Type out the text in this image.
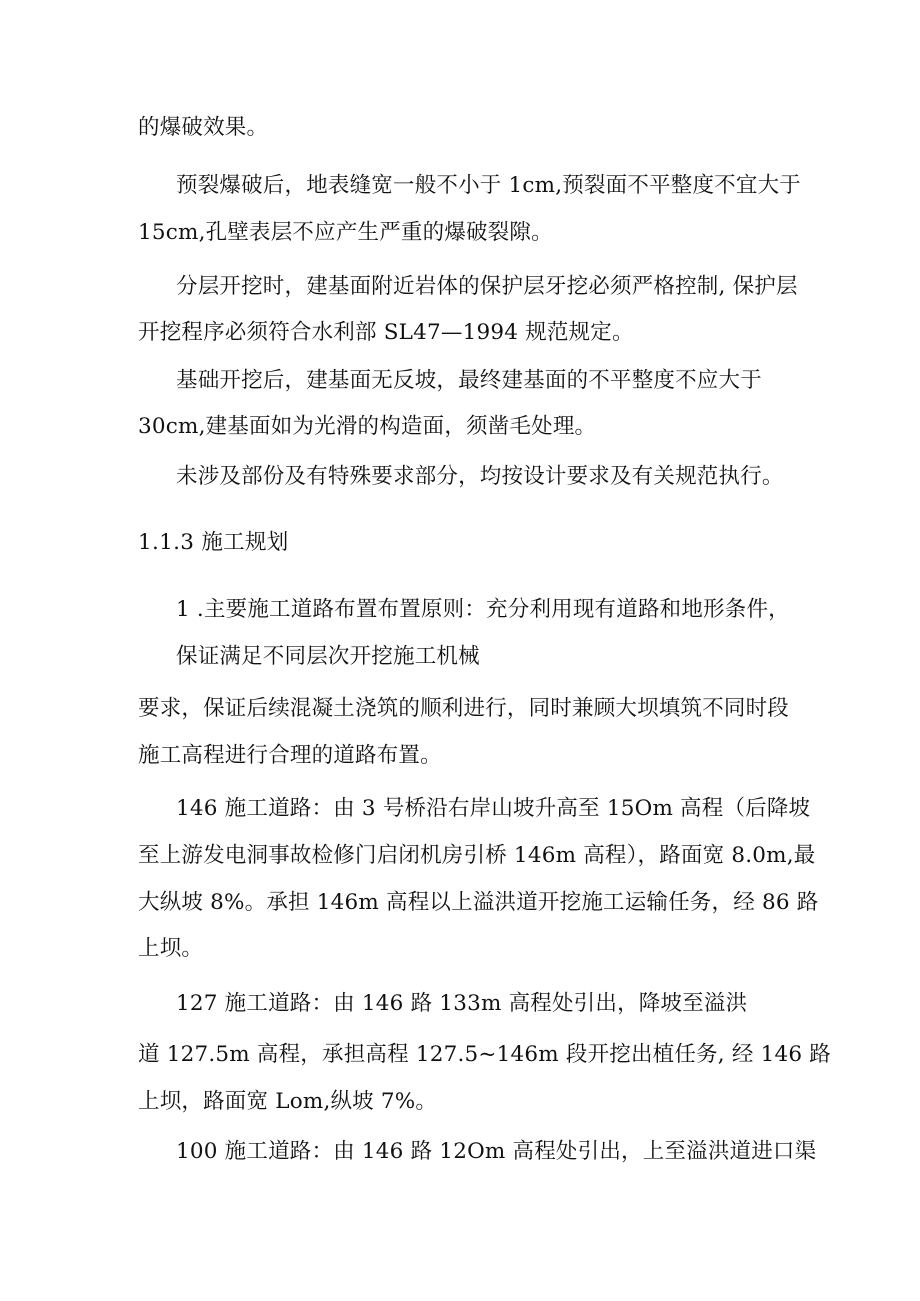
的爆破效果。

预裂爆破后，地表缝宽一般不小于 1cm,预裂面不平整度不宜大于

15cm,孔壁表层不应产生严重的爆破裂隙。

分层开挖时，建基面附近岩体的保护层牙挖必须严格控制, 保护层

开挖程序必须符合水利部 SL47—1994 规范规定。

基础开挖后，建基面无反坡，最终建基面的不平整度不应大于

30cm,建基面如为光滑的构造面，须凿毛处理。

未涉及部份及有特殊要求部分，均按设计要求及有关规范执行。

1.1.3 施工规划

1 .主要施工道路布置布置原则：充分利用现有道路和地形条件，

保证满足不同层次开挖施工机械

要求，保证后续混凝土浇筑的顺利进行，同时兼顾大坝填筑不同时段

施工高程进行合理的道路布置。

146 施工道路：由 3 号桥沿右岸山坡升高至 15Om 高程（后降坡

至上游发电洞事故检修门启闭机房引桥 146m 高程），路面宽 8.0m,最

大纵坡 8%。承担 146m 高程以上溢洪道开挖施工运输任务，经 86 路

上坝。

127 施工道路：由 146 路 133m 高程处引出，降坡至溢洪

道 127.5m 高程，承担高程 127.5~146m 段开挖出植任务, 经 146 路

上坝，路面宽 Lom,纵坡 7%。

100 施工道路：由 146 路 12Om 高程处引出，上至溢洪道进口渠
